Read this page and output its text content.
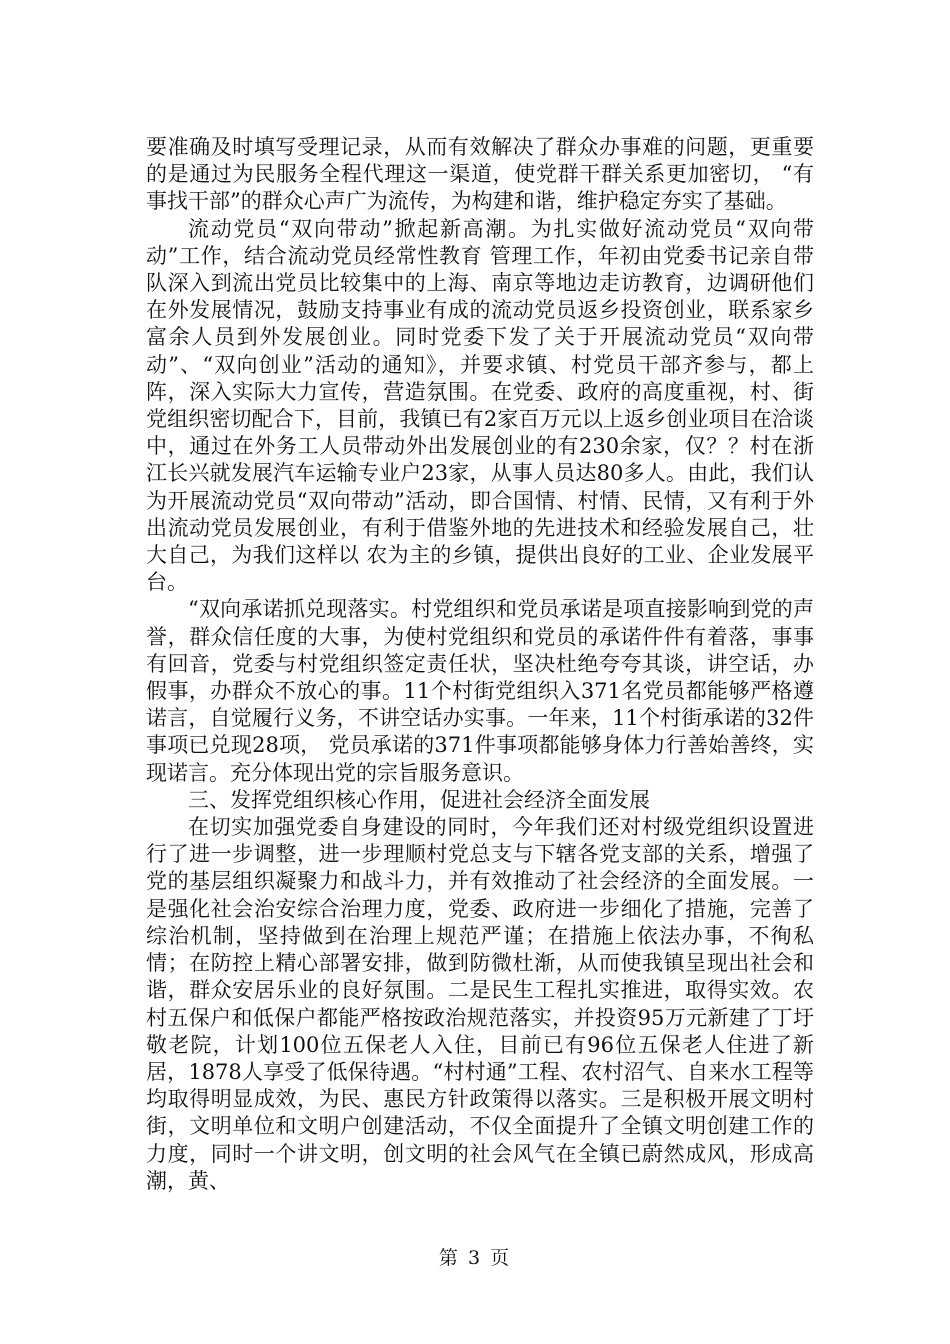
要准确及时填写受理记录，从而有效解决了群众办事难的问题，更重要的是通过为民服务全程代理这一渠道，使党群干群关系更加密切， “有事找干部”的群众心声广为流传，为构建和谐，维护稳定夯实了基础。

流动党员“双向带动”掀起新高潮。为扎实做好流动党员“双向带动”工作，结合流动党员经常性教育 管理工作，年初由党委书记亲自带队深入到流出党员比较集中的上海、南京等地边走访教育，边调研他们在外发展情况，鼓励支持事业有成的流动党员返乡投资创业，联系家乡富余人员到外发展创业。同时党委下发了关于开展流动党员“双向带动”、“双向创业”活动的通知》，并要求镇、村党员干部齐参与，都上阵，深入实际大力宣传，营造氛围。在党委、政府的高度重视，村、街党组织密切配合下，目前，我镇已有2家百万元以上返乡创业项目在洽谈中，通过在外务工人员带动外出发展创业的有230余家，仅？？村在浙江长兴就发展汽车运输专业户23家，从事人员达80多人。由此，我们认为开展流动党员“双向带动”活动，即合国情、村情、民情，又有利于外出流动党员发展创业，有利于借鉴外地的先进技术和经验发展自己，壮大自己，为我们这样以 农为主的乡镇，提供出良好的工业、企业发展平台。

“双向承诺抓兑现落实。村党组织和党员承诺是项直接影响到党的声誉，群众信任度的大事，为使村党组织和党员的承诺件件有着落，事事有回音，党委与村党组织签定责任状，坚决杜绝夸夸其谈，讲空话，办假事，办群众不放心的事。11个村街党组织入371名党员都能够严格遵诺言，自觉履行义务，不讲空话办实事。一年来，11个村街承诺的32件事项已兑现28项， 党员承诺的371件事项都能够身体力行善始善终，实现诺言。充分体现出党的宗旨服务意识。

三、发挥党组织核心作用，促进社会经济全面发展

在切实加强党委自身建设的同时，今年我们还对村级党组织设置进行了进一步调整，进一步理顺村党总支与下辖各党支部的关系，增强了党的基层组织凝聚力和战斗力，并有效推动了社会经济的全面发展。一是强化社会治安综合治理力度，党委、政府进一步细化了措施，完善了综治机制，坚持做到在治理上规范严谨；在措施上依法办事，不徇私情；在防控上精心部署安排，做到防微杜渐，从而使我镇呈现出社会和谐，群众安居乐业的良好氛围。二是民生工程扎实推进，取得实效。农村五保户和低保户都能严格按政治规范落实，并投资95万元新建了丁圩敬老院，计划100位五保老人入住，目前已有96位五保老人住进了新居，1878人享受了低保待遇。“村村通”工程、农村沼气、自来水工程等均取得明显成效，为民、惠民方针政策得以落实。三是积极开展文明村街，文明单位和文明户创建活动，不仅全面提升了全镇文明创建工作的力度，同时一个讲文明，创文明的社会风气在全镇已蔚然成风，形成高潮，黄、

第 3 页
